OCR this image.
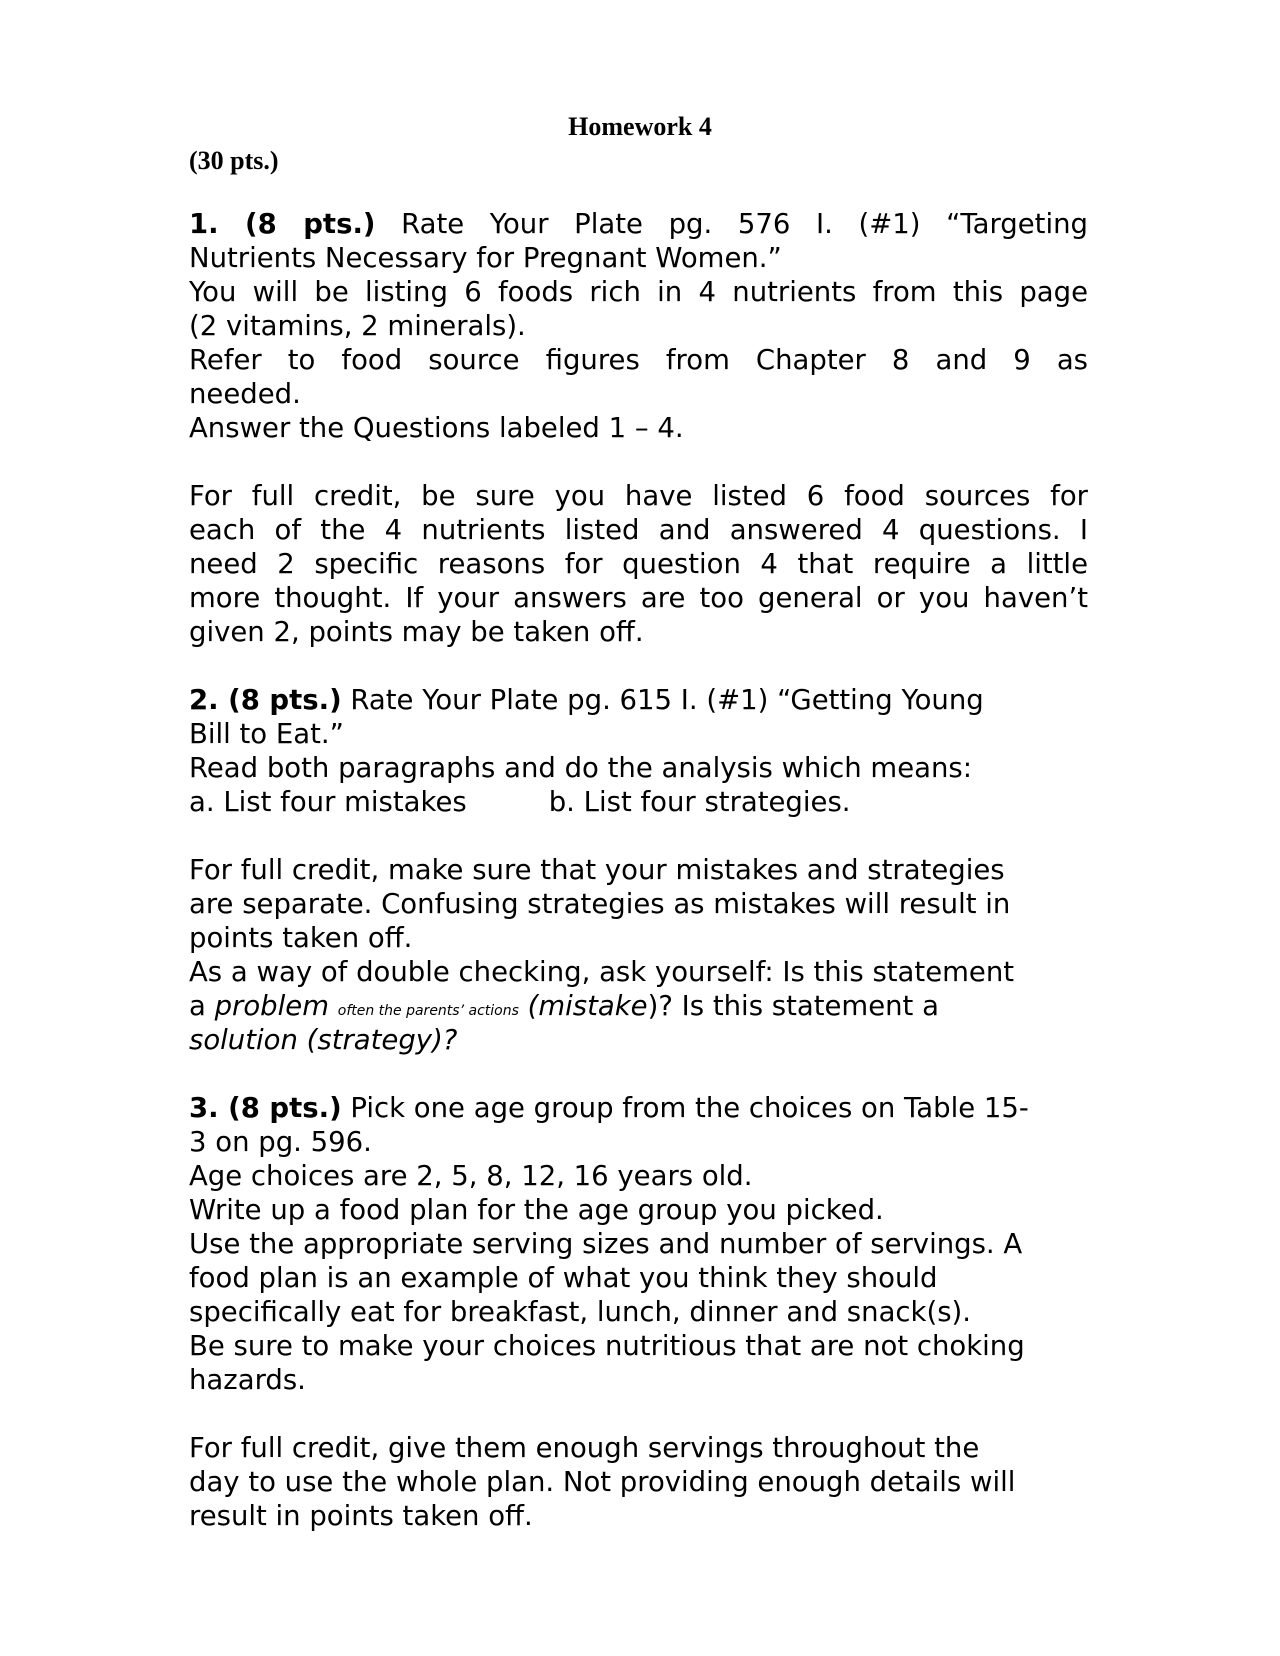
Homework 4
(30 pts.)
1. (8 pts.) Rate Your Plate pg. 576 I. (#1) “Targeting
Nutrients Necessary for Pregnant Women.”
You will be listing 6 foods rich in 4 nutrients from this page
(2 vitamins, 2 minerals).
Refer to food source figures from Chapter 8 and 9 as
needed.
Answer the Questions labeled 1 – 4.
For full credit, be sure you have listed 6 food sources for
each of the 4 nutrients listed and answered 4 questions. I
need 2 specific reasons for question 4 that require a little
more thought. If your answers are too general or you haven’t
given 2, points may be taken off.
2. (8 pts.) Rate Your Plate pg. 615 I. (#1) “Getting Young
Bill to Eat.”
Read both paragraphs and do the analysis which means:
a. List four mistakes	b. List four strategies.
For full credit, make sure that your mistakes and strategies
are separate. Confusing strategies as mistakes will result in
points taken off.
As a way of double checking, ask yourself: Is this statement
a problem often the parents’ actions (mistake)? Is this statement a
solution (strategy)?
3. (8 pts.) Pick one age group from the choices on Table 15-
3 on pg. 596.
Age choices are 2, 5, 8, 12, 16 years old.
Write up a food plan for the age group you picked.
Use the appropriate serving sizes and number of servings. A
food plan is an example of what you think they should
specifically eat for breakfast, lunch, dinner and snack(s).
Be sure to make your choices nutritious that are not choking
hazards.
For full credit, give them enough servings throughout the
day to use the whole plan. Not providing enough details will
result in points taken off.
